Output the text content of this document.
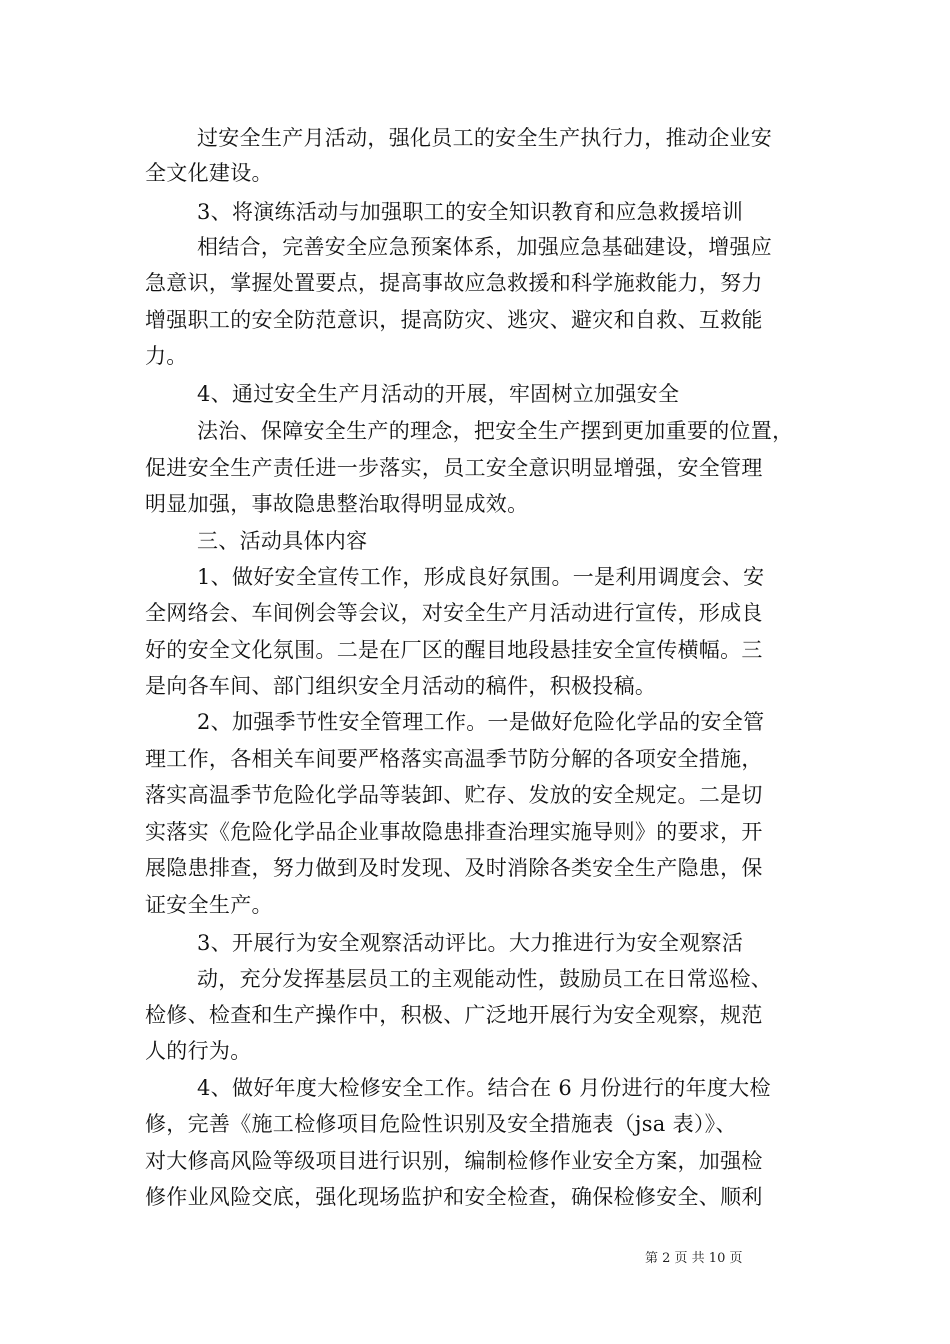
过安全生产月活动，强化员工的安全生产执行力，推动企业安
全文化建设。
3、将演练活动与加强职工的安全知识教育和应急救援培训
相结合，完善安全应急预案体系，加强应急基础建设，增强应
急意识，掌握处置要点，提高事故应急救援和科学施救能力，努力
增强职工的安全防范意识，提高防灾、逃灾、避灾和自救、互救能
力。
4、通过安全生产月活动的开展，牢固树立加强安全
法治、保障安全生产的理念，把安全生产摆到更加重要的位置，
促进安全生产责任进一步落实，员工安全意识明显增强，安全管理
明显加强，事故隐患整治取得明显成效。
三、活动具体内容
1、做好安全宣传工作，形成良好氛围。一是利用调度会、安
全网络会、车间例会等会议，对安全生产月活动进行宣传，形成良
好的安全文化氛围。二是在厂区的醒目地段悬挂安全宣传横幅。三
是向各车间、部门组织安全月活动的稿件，积极投稿。
2、加强季节性安全管理工作。一是做好危险化学品的安全管
理工作，各相关车间要严格落实高温季节防分解的各项安全措施，
落实高温季节危险化学品等装卸、贮存、发放的安全规定。二是切
实落实《危险化学品企业事故隐患排查治理实施导则》的要求，开
展隐患排查，努力做到及时发现、及时消除各类安全生产隐患，保
证安全生产。
3、开展行为安全观察活动评比。大力推进行为安全观察活
动，充分发挥基层员工的主观能动性，鼓励员工在日常巡检、
检修、检查和生产操作中，积极、广泛地开展行为安全观察，规范
人的行为。
4、做好年度大检修安全工作。结合在 6 月份进行的年度大检
修，完善《施工检修项目危险性识别及安全措施表（jsa 表）》、
对大修高风险等级项目进行识别，编制检修作业安全方案，加强检
修作业风险交底，强化现场监护和安全检查，确保检修安全、顺利
第 2 页 共 10 页
